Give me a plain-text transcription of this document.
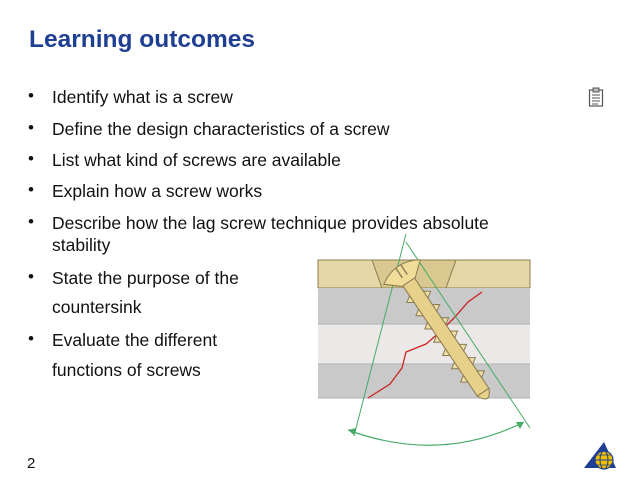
Learning outcomes
• Identify what is a screw
• Define the design characteristics of a screw
• List what kind of screws are available
• Explain how a screw works
• Describe how the lag screw technique provides absolute
stability
• State the purpose of the
countersink
• Evaluate the different
functions of screws
2
